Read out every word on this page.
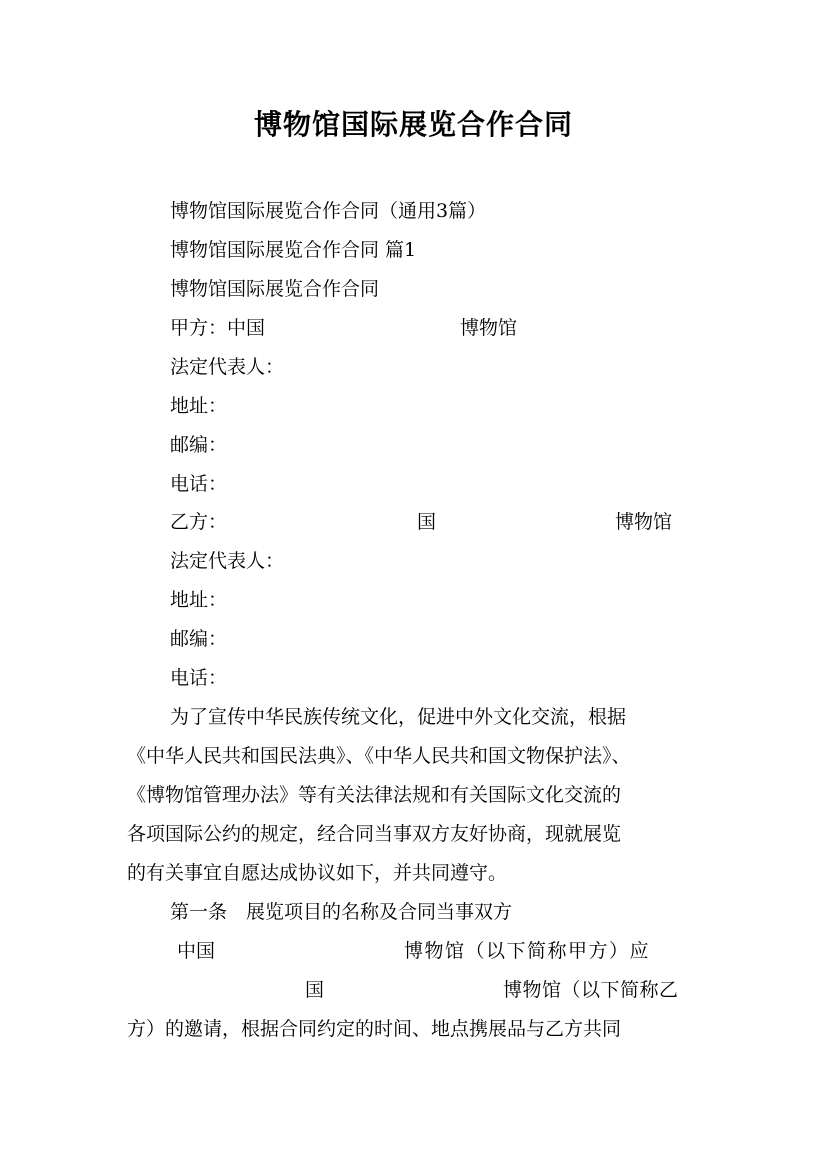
博物馆国际展览合作合同
博物馆国际展览合作合同（通用3篇）
博物馆国际展览合作合同 篇1
博物馆国际展览合作合同
甲方：中国	博物馆
法定代表人：
地址：
邮编：
电话：
乙方：	国	博物馆
法定代表人：
地址：
邮编：
电话：
为了宣传中华民族传统文化，促进中外文化交流，根据
《中华人民共和国民法典》、《中华人民共和国文物保护法》、
《博物馆管理办法》等有关法律法规和有关国际文化交流的
各项国际公约的规定，经合同当事双方友好协商，现就展览
的有关事宜自愿达成协议如下，并共同遵守。
第一条　展览项目的名称及合同当事双方
中国	博物馆（以下简称甲方）应
国	博物馆（以下简称乙
方）的邀请，根据合同约定的时间、地点携展品与乙方共同
